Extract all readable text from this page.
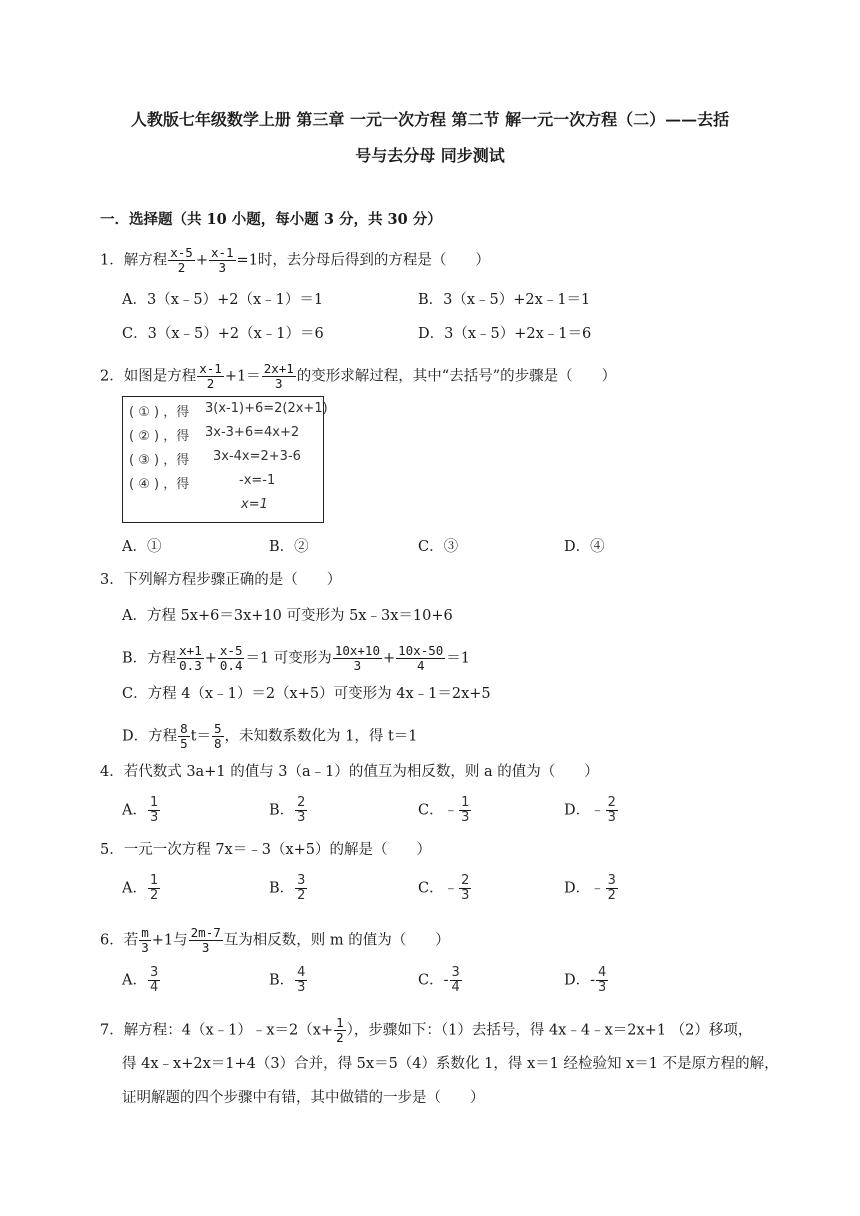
人教版七年级数学上册 第三章 一元一次方程 第二节 解一元一次方程（二）——去括
号与去分母 同步测试
一．选择题（共 10 小题，每小题 3 分，共 30 分）
1．解方程 $\frac{x-5}{2} + \frac{x-1}{3} =1$时，去分母后得到的方程是（　　）
A．3（x﹣5）+2（x﹣1）＝1	B．3（x﹣5）+2x﹣1＝1
C．3（x﹣5）+2（x﹣1）＝6	D．3（x﹣5）+2x﹣1＝6
2．如图是方程 $\frac{x-1}{2} +1= \frac{2x+1}{3}$ 的变形求解过程，其中“去括号”的步骤是（　　）
( ① ) ，得 3(x-1)+6=2(2x+1)
( ② ) ，得 3x-3+6=4x+2
( ③ ) ，得 3x-4x=2+3-6
( ④ ) ，得	-x=-1
x=1
A．①	B．②	C．③	D．④
3．下列解方程步骤正确的是（　　）
A．方程 5x+6＝3x+10 可变形为 5x﹣3x＝10+6
B．方程 $\frac{x+1}{0.3} + \frac{x-5}{0.4} =1$ 可变形为 $\frac{10x+10}{3} + \frac{10x-50}{4} =1$
C．方程 4（x﹣1）＝2（x+5）可变形为 4x﹣1＝2x+5
D．方程 $\frac{8}{5} t= \frac{5}{8}$ ，未知数系数化为 1，得 t＝1
4．若代数式 3a+1 的值与 3（a﹣1）的值互为相反数，则 a 的值为（　　）
A． $\frac{1}{3}$	B． $\frac{2}{3}$	C．﹣ $\frac{1}{3}$	D．﹣ $\frac{2}{3}$
5．一元一次方程 7x＝﹣3（x+5）的解是（　　）
A． $\frac{1}{2}$	B． $\frac{3}{2}$	C．﹣ $\frac{2}{3}$	D．﹣ $\frac{3}{2}$
6．若 $\frac{m}{3} +1$与 $\frac{2m-7}{3}$ 互为相反数，则 m 的值为（　　）
A． $\frac{3}{4}$	B． $\frac{4}{3}$	C．- $\frac{3}{4}$	D．- $\frac{4}{3}$
7．解方程：4（x﹣1）﹣x＝2（x+ $\frac{1}{2}$ ），步骤如下：（1）去括号，得 4x﹣4﹣x＝2x+1 （2）移项，
得 4x﹣x+2x＝1+4（3）合并，得 5x＝5（4）系数化 1，得 x＝1 经检验知 x＝1 不是原方程的解，
证明解题的四个步骤中有错，其中做错的一步是（　　）
